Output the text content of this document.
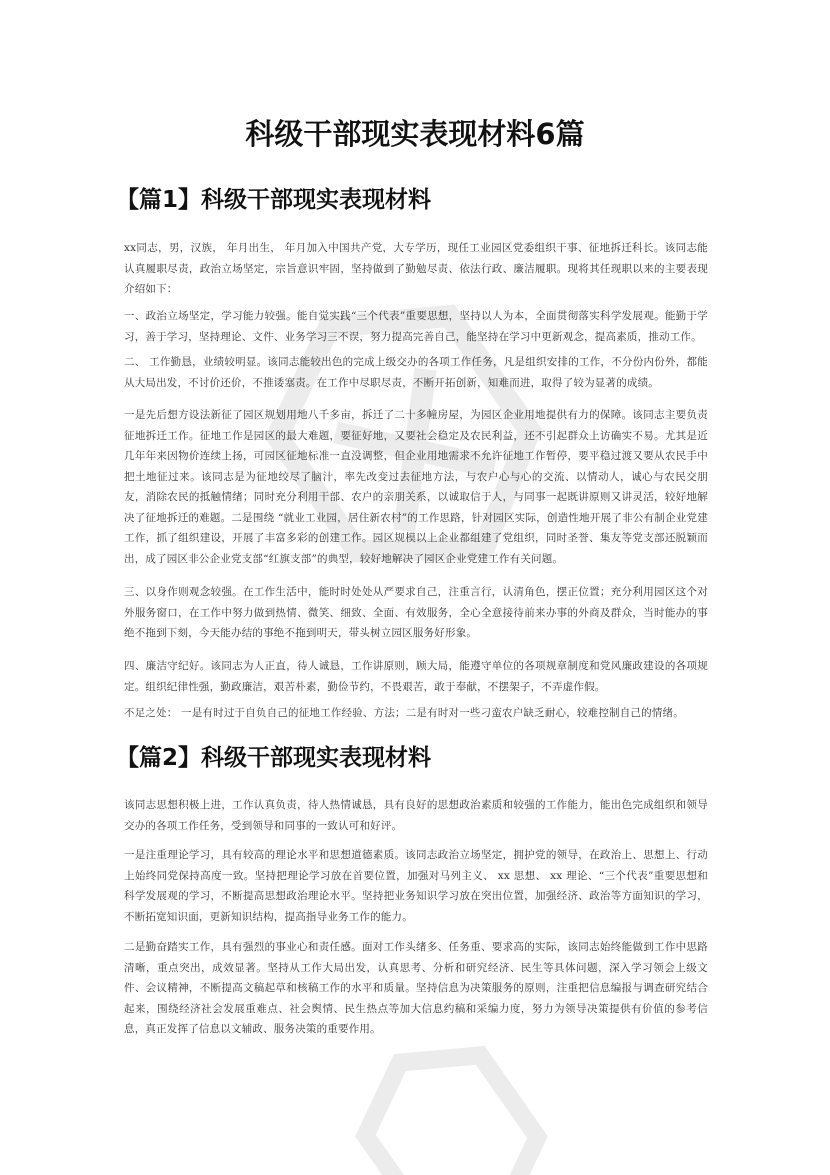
科级干部现实表现材料6篇
【篇1】科级干部现实表现材料

xx同志，男，汉族， 年月出生， 年月加入中国共产党，大专学历，现任工业园区党委组织干事、征地拆迁科长。该同志能认真履职尽责，政治立场坚定，宗旨意识牢固，坚持做到了勤勉尽责、依法行政、廉洁履职。现将其任现职以来的主要表现介绍如下：

一、政治立场坚定，学习能力较强。能自觉实践“三个代表”重要思想，坚持以人为本，全面贯彻落实科学发展观。能勤于学习，善于学习，坚持理论、文件、业务学习三不误，努力提高完善自己，能坚持在学习中更新观念，提高素质，推动工作。

二、 工作勤恳，业绩较明显。该同志能较出色的完成上级交办的各项工作任务，凡是组织安排的工作，不分份内份外，都能从大局出发，不讨价还价，不推诿塞责。在工作中尽职尽责，不断开拓创新，知难而进，取得了较为显著的成绩。

一是先后想方设法新征了园区规划用地八千多亩，拆迁了二十多幢房屋，为园区企业用地提供有力的保障。该同志主要负责征地拆迁工作。征地工作是园区的最大难题，要征好地，又要社会稳定及农民利益，还不引起群众上访确实不易。尤其是近几年年来因物价连续上扬，可园区征地标准一直没调整，但企业用地需求不允许征地工作暂停，要平稳过渡又要从农民手中把土地征过来。该同志是为征地绞尽了脑汁，率先改变过去征地方法，与农户心与心的交流、以情动人，诚心与农民交朋友，消除农民的抵触情绪；同时充分利用干部、农户的亲朋关系，以诚取信于人，与同事一起既讲原则又讲灵活，较好地解决了征地拆迁的难题。二是围绕 “就业工业园，居住新农村”的工作思路，针对园区实际，创造性地开展了非公有制企业党建工作，抓了组织建设，开展了丰富多彩的创建工作。园区规模以上企业都组建了党组织，同时圣誉、集友等党支部还脱颖而出，成了园区非公企业党支部“红旗支部”的典型，较好地解决了园区企业党建工作有关问题。

三、以身作则观念较强。在工作生活中，能时时处处从严要求自己，注重言行，认清角色，摆正位置；充分利用园区这个对外服务窗口，在工作中努力做到热情、微笑、细致、全面、有效服务，全心全意接待前来办事的外商及群众，当时能办的事绝不拖到下刻，今天能办结的事绝不拖到明天，带头树立园区服务好形象。

四、廉洁守纪好。该同志为人正直，待人诚恳，工作讲原则，顾大局，能遵守单位的各项规章制度和党风廉政建设的各项规定。组织纪律性强，勤政廉洁，艰苦朴素，勤俭节约，不畏艰苦，敢于奉献，不摆架子，不弄虚作假。

不足之处： 一是有时过于自负自己的征地工作经验、方法；二是有时对一些刁蛮农户缺乏耐心，较难控制自己的情绪。

【篇2】科级干部现实表现材料

该同志思想积极上进，工作认真负责，待人热情诚恳，具有良好的思想政治素质和较强的工作能力，能出色完成组织和领导交办的各项工作任务，受到领导和同事的一致认可和好评。

一是注重理论学习，具有较高的理论水平和思想道德素质。该同志政治立场坚定，拥护党的领导，在政治上、思想上、行动上始终同党保持高度一致。坚持把理论学习放在首要位置，加强对马列主义、 xx 思想、 xx 理论、“三个代表”重要思想和科学发展观的学习，不断提高思想政治理论水平。坚持把业务知识学习放在突出位置，加强经济、政治等方面知识的学习，不断拓宽知识面，更新知识结构，提高指导业务工作的能力。

二是勤奋踏实工作，具有强烈的事业心和责任感。面对工作头绪多、任务重、要求高的实际，该同志始终能做到工作中思路清晰，重点突出，成效显著。坚持从工作大局出发，认真思考、分析和研究经济、民生等具体问题，深入学习领会上级文件、会议精神，不断提高文稿起草和核稿工作的水平和质量。坚持信息为决策服务的原则，注重把信息编报与调查研究结合起来，围绕经济社会发展重难点、社会舆情、民生热点等加大信息约稿和采编力度，努力为领导决策提供有价值的参考信息，真正发挥了信息以文辅政、服务决策的重要作用。
